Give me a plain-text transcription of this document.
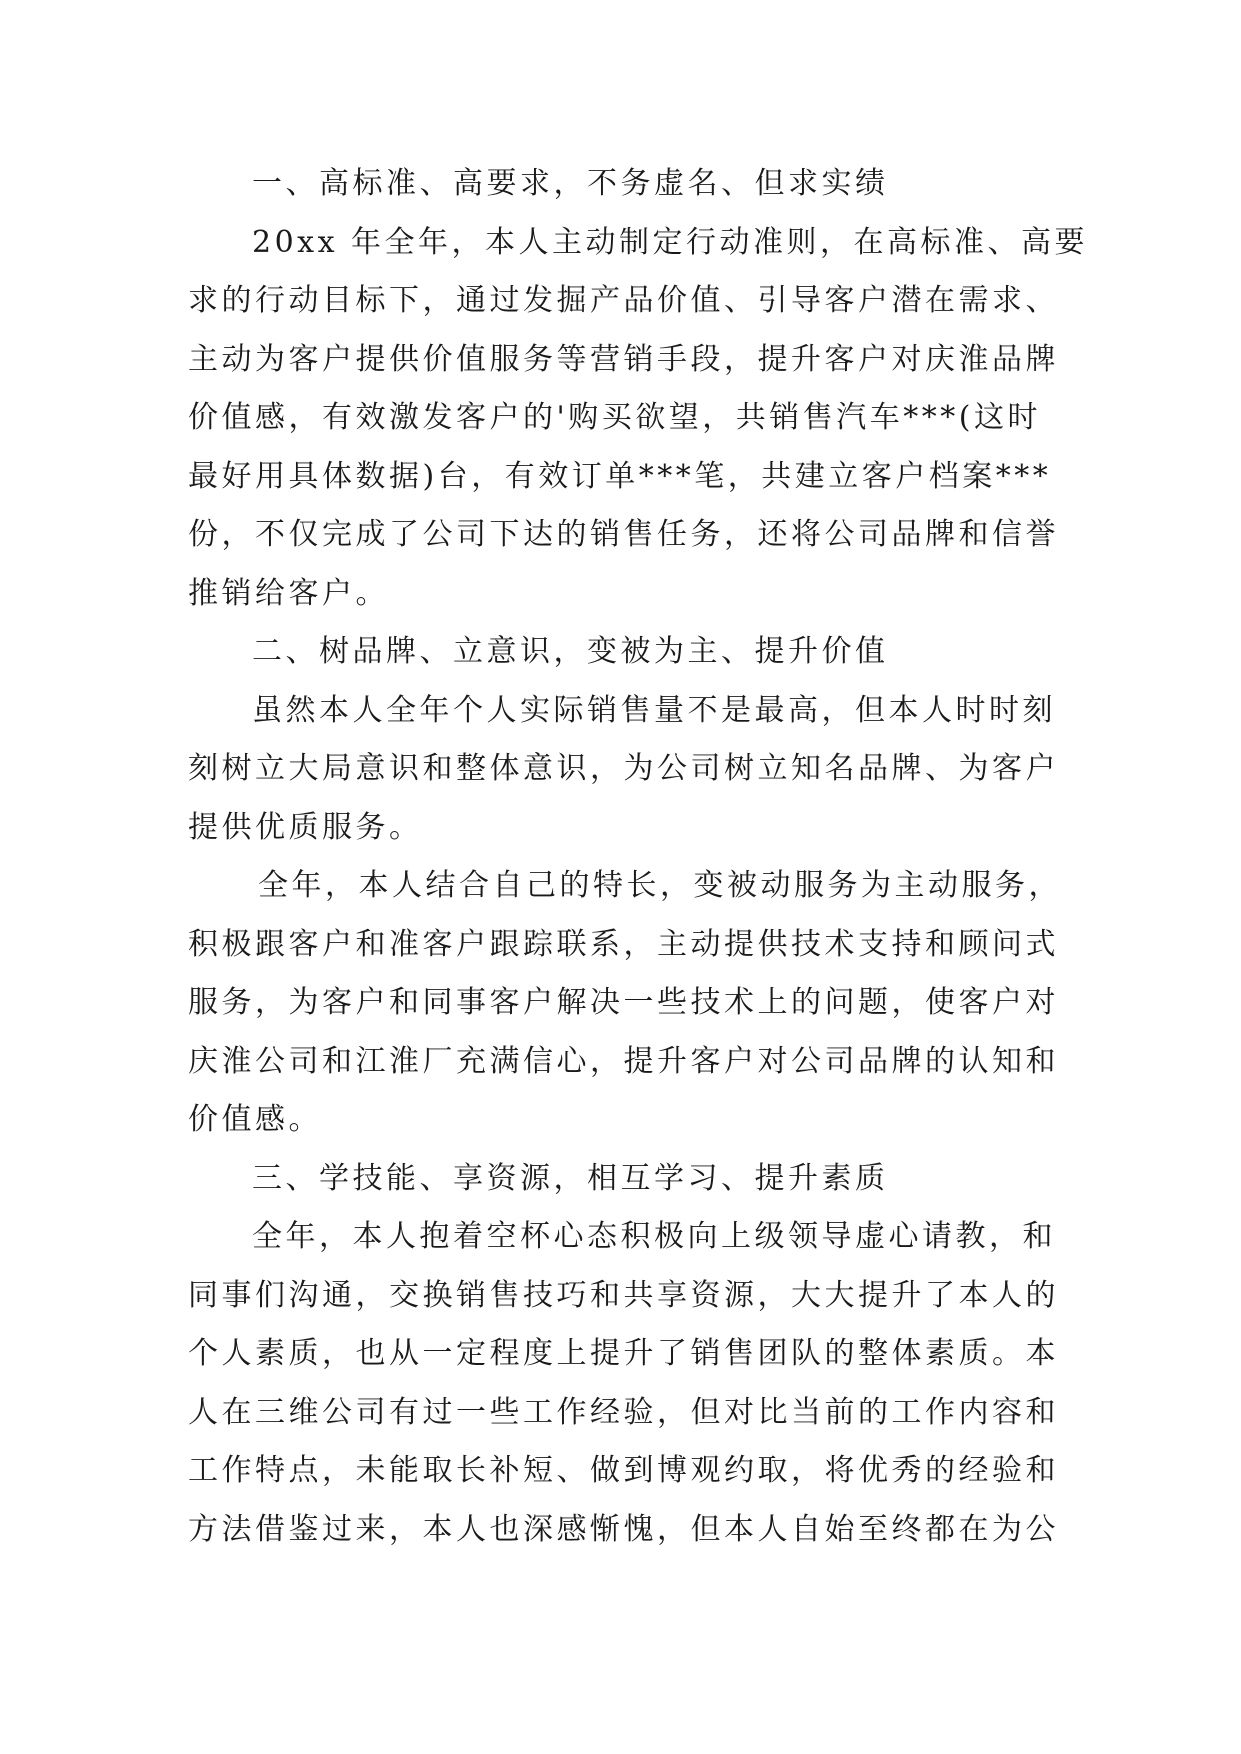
一、高标准、高要求，不务虚名、但求实绩
20xx 年全年，本人主动制定行动准则，在高标准、高要
求的行动目标下，通过发掘产品价值、引导客户潜在需求、
主动为客户提供价值服务等营销手段，提升客户对庆淮品牌
价值感，有效激发客户的'购买欲望，共销售汽车***(这时
最好用具体数据)台，有效订单***笔，共建立客户档案***
份，不仅完成了公司下达的销售任务，还将公司品牌和信誉
推销给客户。
二、树品牌、立意识，变被为主、提升价值
虽然本人全年个人实际销售量不是最高，但本人时时刻
刻树立大局意识和整体意识，为公司树立知名品牌、为客户
提供优质服务。
全年，本人结合自己的特长，变被动服务为主动服务，
积极跟客户和准客户跟踪联系，主动提供技术支持和顾问式
服务，为客户和同事客户解决一些技术上的问题，使客户对
庆淮公司和江淮厂充满信心，提升客户对公司品牌的认知和
价值感。
三、学技能、享资源，相互学习、提升素质
全年，本人抱着空杯心态积极向上级领导虚心请教，和
同事们沟通，交换销售技巧和共享资源，大大提升了本人的
个人素质，也从一定程度上提升了销售团队的整体素质。本
人在三维公司有过一些工作经验，但对比当前的工作内容和
工作特点，未能取长补短、做到博观约取，将优秀的经验和
方法借鉴过来，本人也深感惭愧，但本人自始至终都在为公
